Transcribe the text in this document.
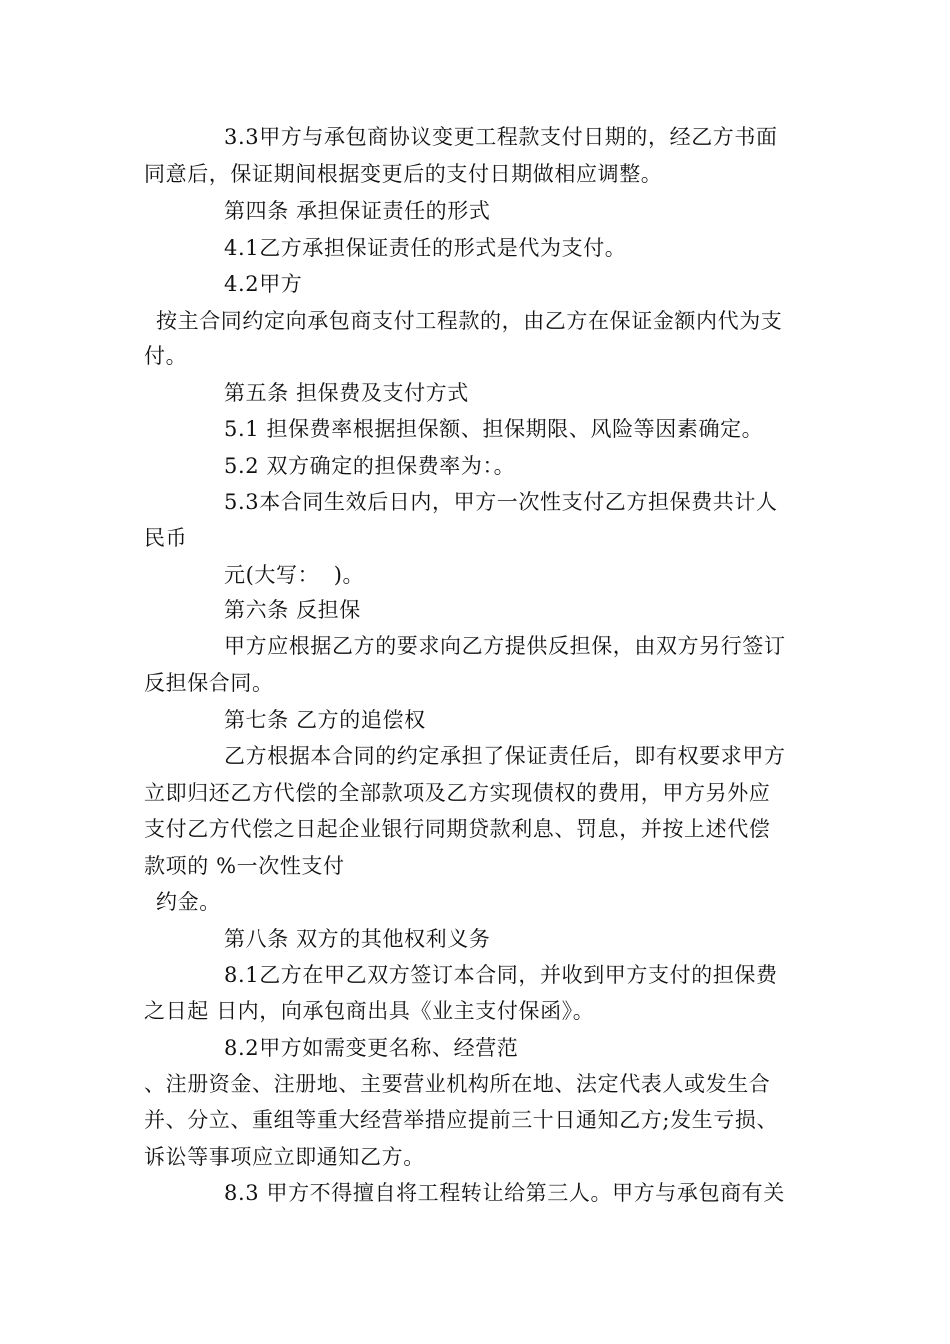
3.3甲方与承包商协议变更工程款支付日期的，经乙方书面
同意后，保证期间根据变更后的支付日期做相应调整。
第四条 承担保证责任的形式
4.1乙方承担保证责任的形式是代为支付。
4.2甲方
按主合同约定向承包商支付工程款的，由乙方在保证金额内代为支
付。
第五条 担保费及支付方式
5.1 担保费率根据担保额、担保期限、风险等因素确定。
5.2 双方确定的担保费率为：。
5.3本合同生效后日内，甲方一次性支付乙方担保费共计人
民币
元(大写：  )。
第六条 反担保
甲方应根据乙方的要求向乙方提供反担保，由双方另行签订
反担保合同。
第七条 乙方的追偿权
乙方根据本合同的约定承担了保证责任后，即有权要求甲方
立即归还乙方代偿的全部款项及乙方实现债权的费用，甲方另外应
支付乙方代偿之日起企业银行同期贷款利息、罚息，并按上述代偿
款项的 %一次性支付
约金。
第八条 双方的其他权利义务
8.1乙方在甲乙双方签订本合同，并收到甲方支付的担保费
之日起 日内，向承包商出具《业主支付保函》。
8.2甲方如需变更名称、经营范
、注册资金、注册地、主要营业机构所在地、法定代表人或发生合
并、分立、重组等重大经营举措应提前三十日通知乙方;发生亏损、
诉讼等事项应立即通知乙方。
8.3 甲方不得擅自将工程转让给第三人。甲方与承包商有关
